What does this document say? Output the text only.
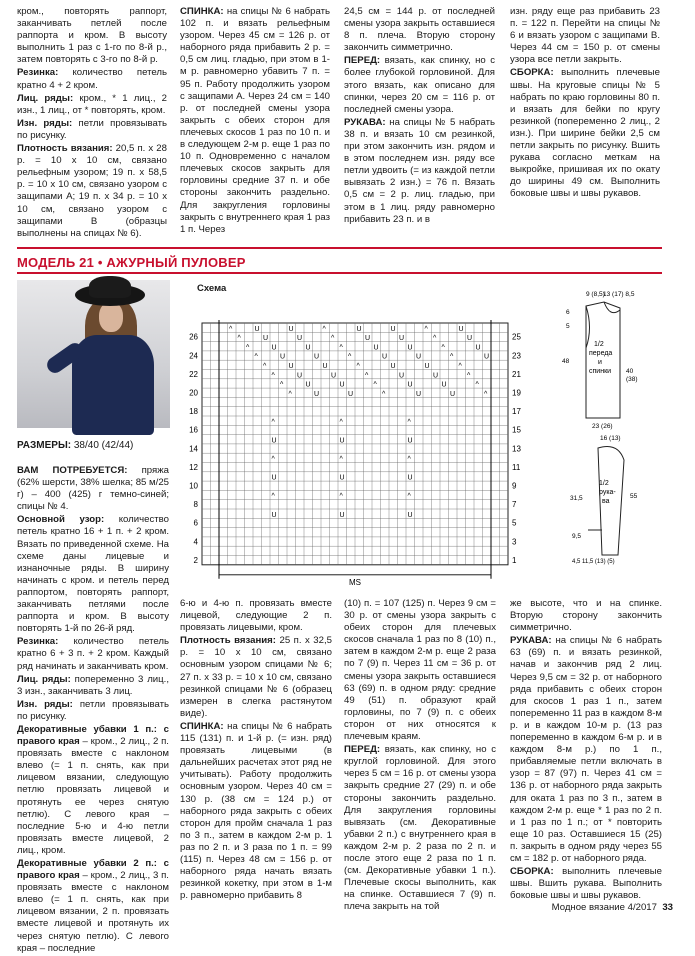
кром., повторять раппорт, заканчивать петлей после раппорта и кром. В высоту выполнить 1 раз с 1-го по 8-й р., затем повторять с 3-го по 8-й р.

Резинка: количество петель кратно 4 + 2 кром.

Лиц. ряды: кром., * 1 лиц., 2 изн., 1 лиц., от * повторять, кром.

Изн. ряды: петли провязывать по рисунку.

Плотность вязания: 20,5 п. х 28 р. = 10 х 10 см, связано рельефным узором; 19 п. х 58,5 р. = 10 х 10 см, связано узором с защипами А; 19 п. х 34 р. = 10 х 10 см, связано узором с защипами В (образцы выполнены на спицах № 6).

СПИНКА: на спицы № 6 набрать 102 п. и вязать рельефным узором. Через 45 см = 126 р. от наборного ряда прибавить 2 р. = 0,5 см лиц. гладью, при этом в 1-м р. равномерно убавить 7 п. = 95 п. Работу продолжить узором с защипами А. Через 24 см = 140 р. от последней смены узора закрыть с обеих сторон для плечевых скосов 1 раз по 10 п. и в следующем 2-м р. еще 1 раз по 10 п. Одновременно с началом плечевых скосов закрыть для горловины средние 37 п. и обе стороны закончить раздельно. Для закругления горловины закрыть с внутреннего края 1 раз 1 п. Через

24,5 см = 144 р. от последней смены узора закрыть оставшиеся 8 п. плеча. Вторую сторону закончить симметрично.

ПЕРЕД: вязать, как спинку, но с более глубокой горловиной. Для этого вязать, как описано для спинки, через 20 см = 116 р. от последней смены узора.

РУКАВА: на спицы № 5 набрать 38 п. и вязать 10 см резинкой, при этом закончить изн. рядом и в этом последнем изн. ряду все петли удвоить (= из каждой петли вывязать 2 изн.) = 76 п. Вязать 0,5 см = 2 р. лиц. гладью, при этом в 1 лиц. ряду равномерно прибавить 23 п. и в

изн. ряду еще раз прибавить 23 п. = 122 п. Перейти на спицы № 6 и вязать узором с защипами В. Через 44 см = 150 р. от смены узора все петли закрыть.

СБОРКА: выполнить плечевые швы. На круговые спицы № 5 набрать по краю горловины 80 п. и вязать для бейки по кругу резинкой (попеременно 2 лиц., 2 изн.). При ширине бейки 2,5 см петли закрыть по рисунку. Вшить рукава согласно меткам на выкройке, пришивая их по окату до ширины 49 см. Выполнить боковые швы и швы рукавов.

МОДЕЛЬ 21 • АЖУРНЫЙ ПУЛОВЕР
РАЗМЕРЫ: 38/40 (42/44)

ВАМ ПОТРЕБУЕТСЯ: пряжа (62% шерсти, 38% шелка; 85 м/25 г) – 400 (425) г темно-синей; спицы № 4.

Основной узор: количество петель кратно 16 + 1 п. + 2 кром. Вязать по приведенной схеме. На схеме даны лицевые и изнаночные ряды. В ширину начинать с кром. и петель перед раппортом, повторять раппорт, заканчивать петлями после раппорта и кром. В высоту повторять 1-й по 26-й ряд.

Резинка: количество петель кратно 6 + 3 п. + 2 кром. Каждый ряд начинать и заканчивать кром.

Лиц. ряды: попеременно 3 лиц., 3 изн., заканчивать 3 лиц.

Изн. ряды: петли провязывать по рисунку.

Декоративные убавки 1 п.: с правого края – кром., 2 лиц., 2 п. провязать вместе с наклоном влево (= 1 п. снять, как при лицевом вязании, следующую петлю провязать лицевой и протянуть ее через снятую петлю). С левого края – последние 5-ю и 4-ю петли провязать вместе лицевой, 2 лиц., кром.

Декоративные убавки 2 п.: с правого края – кром., 2 лиц., 3 п. провязать вместе с наклоном влево (= 1 п. снять, как при лицевом вязании, 2 п. провязать вместе лицевой и протянуть их через снятую петлю). С левого края – последние

Схема
MS
26
24
22
20
18
16
14
12
10
8
6
4
2
25
23
21
19
17
15
13
11
9
7
5
3
1
^	U	U	^	U	U	^	U
^	U	U	^	U	U	^	U
^	U	U	^	U	U	^	U
^	U	U	^	U	U	^	U
^	U	U	^	U	U	^
^	U	U	^	U	U	^
^	U	U	^	U	U	^
^	U	U	^	U	U	^
^	^	^
U	U	U
^	^	^
U	U	U
^	^	^
U	U	U
9 (8,5)
13 (17) 8,5
6
5
48
40
(38)
1/2
переда
и
спинки
23 (26)
16 (13)
1/2
рука-
ва
31,5
9,5
55
4,5 11,5 (13) (5)

6-ю и 4-ю п. провязать вместе лицевой, следующие 2 п. провязать лицевыми, кром.

Плотность вязания: 25 п. х 32,5 р. = 10 х 10 см, связано основным узором спицами № 6; 27 п. х 33 р. = 10 х 10 см, связано резинкой спицами № 6 (образец измерен в слегка растянутом виде).

СПИНКА: на спицы № 6 набрать 115 (131) п. и 1-й р. (= изн. ряд) провязать лицевыми (в дальнейших расчетах этот ряд не учитывать). Работу продолжить основным узором. Через 40 см = 130 р. (38 см = 124 р.) от наборного ряда закрыть с обеих сторон для пройм сначала 1 раз по 3 п., затем в каждом 2-м р. 1 раз по 2 п. и 3 раза по 1 п. = 99 (115) п. Через 48 см = 156 р. от наборного ряда начать вязать резинкой кокетку, при этом в 1-м р. равномерно прибавить 8

(10) п. = 107 (125) п. Через 9 см = 30 р. от смены узора закрыть с обеих сторон для плечевых скосов сначала 1 раз по 8 (10) п., затем в каждом 2-м р. еще 2 раза по 7 (9) п. Через 11 см = 36 р. от смены узора закрыть оставшиеся 63 (69) п. в одном ряду: средние 49 (51) п. образуют край горловины, по 7 (9) п. с обеих сторон от них относятся к плечевым краям.

ПЕРЕД: вязать, как спинку, но с круглой горловиной. Для этого через 5 см = 16 р. от смены узора закрыть средние 27 (29) п. и обе стороны закончить раздельно. Для закругления горловины вывязать (см. Декоративные убавки 2 п.) с внутреннего края в каждом 2-м р. 2 раза по 2 п. и после этого еще 2 раза по 1 п. (см. Декоративные убавки 1 п.). Плечевые скосы выполнить, как на спинке. Оставшиеся 7 (9) п. плеча закрыть на той

же высоте, что и на спинке. Вторую сторону закончить симметрично.

РУКАВА: на спицы № 6 набрать 63 (69) п. и вязать резинкой, начав и закончив ряд 2 лиц. Через 9,5 см = 32 р. от наборного ряда прибавить с обеих сторон для скосов 1 раз 1 п., затем попеременно 11 раз в каждом 8-м р. и в каждом 10-м р. (13 раз попеременно в каждом 6-м р. и в каждом 8-м р.) по 1 п., прибавляемые петли включать в узор = 87 (97) п. Через 41 см = 136 р. от наборного ряда закрыть для оката 1 раз по 3 п., затем в каждом 2-м р. еще * 1 раз по 2 п. и 1 раз по 1 п.; от * повторить еще 10 раз. Оставшиеся 15 (25) п. закрыть в одном ряду через 55 см = 182 р. от наборного ряда.

СБОРКА: выполнить плечевые швы. Вшить рукава. Выполнить боковые швы и швы рукавов.

Модное вязание 4/2017 33
